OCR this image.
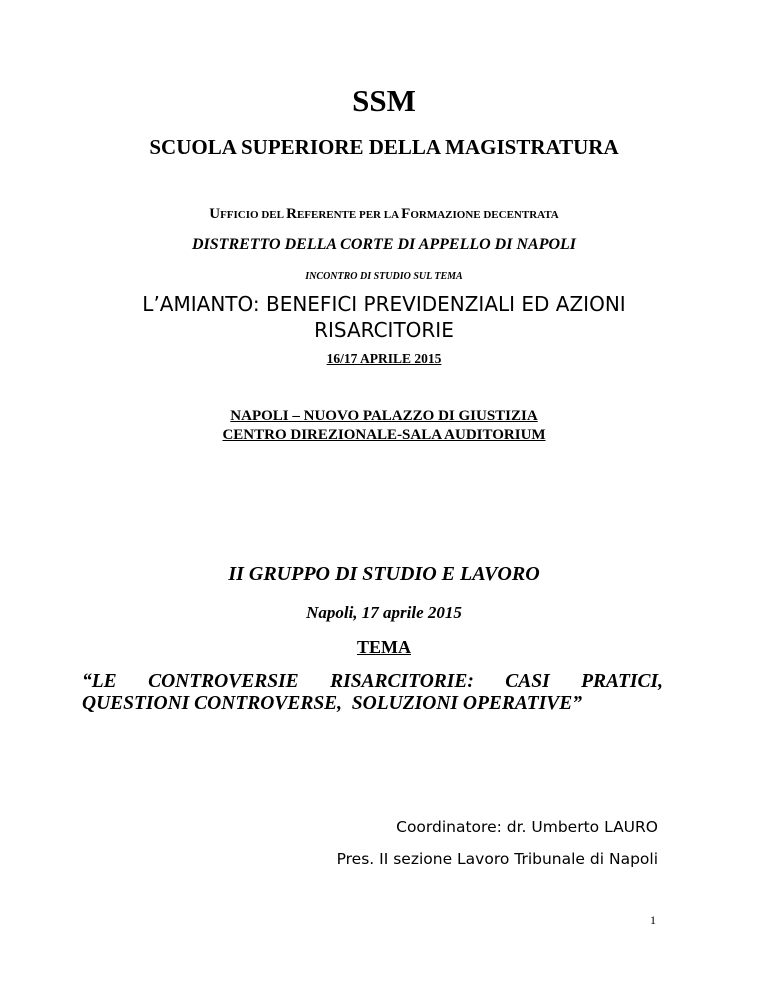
SSM
SCUOLA SUPERIORE DELLA MAGISTRATURA
UFFICIO DEL REFERENTE PER LA FORMAZIONE DECENTRATA
DISTRETTO DELLA CORTE DI APPELLO DI NAPOLI
INCONTRO DI STUDIO SUL TEMA
L’AMIANTO: BENEFICI PREVIDENZIALI ED AZIONI
RISARCITORIE
16/17 APRILE 2015
NAPOLI – NUOVO PALAZZO DI GIUSTIZIA
CENTRO DIREZIONALE-SALA AUDITORIUM
II GRUPPO DI STUDIO E LAVORO
Napoli, 17 aprile 2015
TEMA
“LE CONTROVERSIE RISARCITORIE: CASI PRATICI,
QUESTIONI CONTROVERSE,  SOLUZIONI OPERATIVE”
Coordinatore: dr. Umberto LAURO
Pres. II sezione Lavoro Tribunale di Napoli
1
